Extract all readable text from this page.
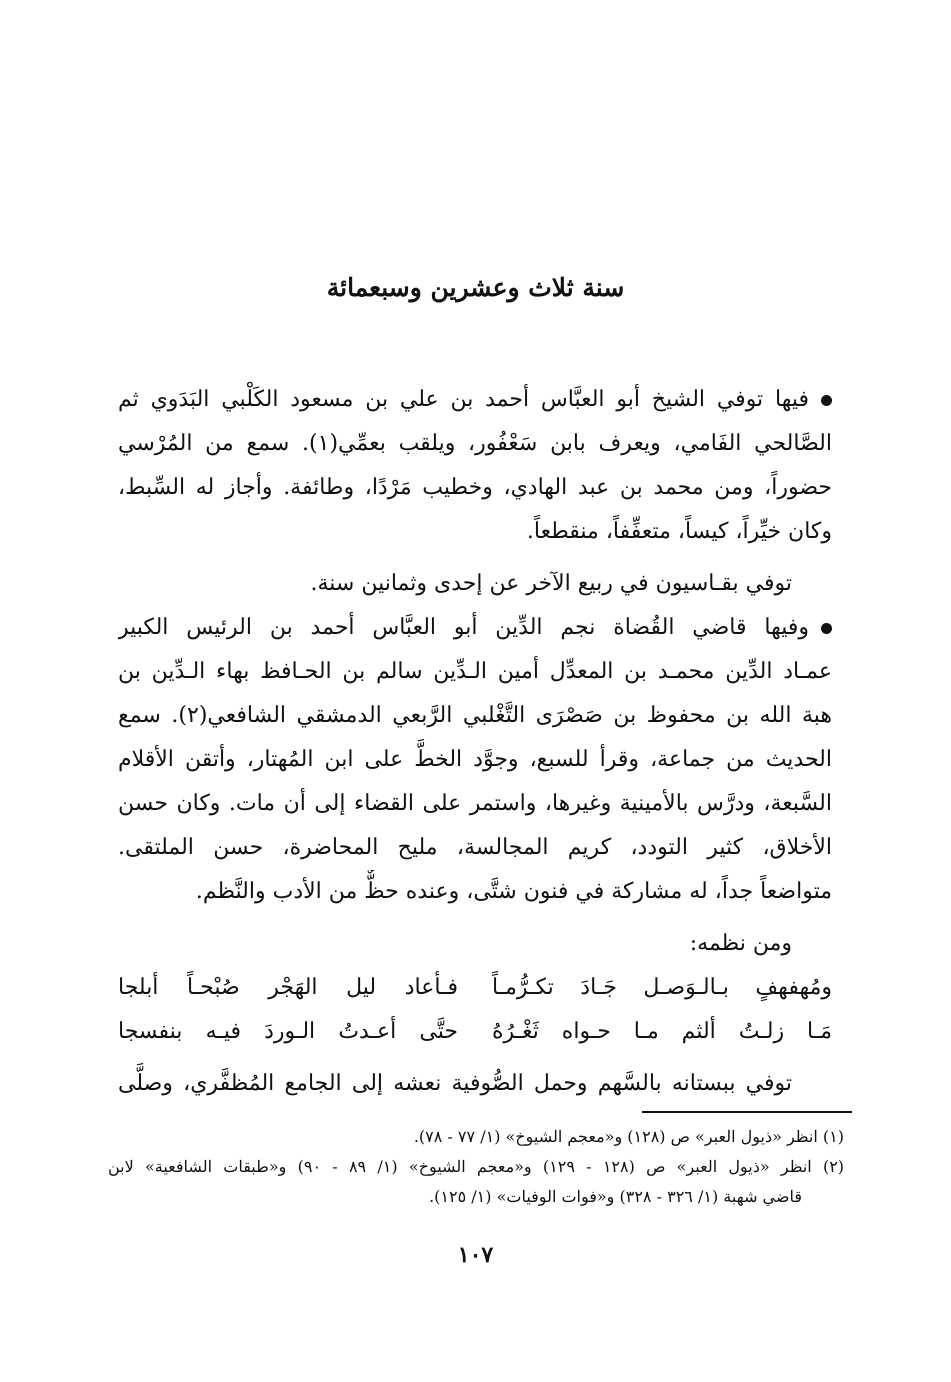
سنة ثلاث وعشرين وسبعمائة
فيها توفي الشيخ أبو العبَّاس أحمد بن علي بن مسعود الكَلْبي البَدَوي ثم
الصَّالحي الفَامي، ويعرف بابن سَعْفُور، ويلقب بعمِّي(١). سمع من المُرْسي
حضوراً، ومن محمد بن عبد الهادي، وخطيب مَرْدًا، وطائفة. وأجاز له السِّبط،
وكان خيِّراً، كيساً، متعفِّفاً، منقطعاً.
توفي بقـاسيون في ربيع الآخر عن إحدى وثمانين سنة.
وفيها قاضي القُضاة نجم الدِّين أبو العبَّاس أحمد بن الرئيس الكبير
عمـاد الدِّين محمـد بن المعدِّل أمين الـدِّين سالم بن الحـافظ بهاء الـدِّين بن
هبة الله بن محفوظ بن صَصْرَى التَّغْلبي الرَّبعي الدمشقي الشافعي(٢). سمع
الحديث من جماعة، وقرأ للسبع، وجوَّد الخطَّ على ابن المُهتار، وأتقن الأقلام
السَّبعة، ودرَّس بالأمينية وغيرها، واستمر على القضاء إلى أن مات. وكان حسن
الأخلاق، كثير التودد، كريم المجالسة، مليح المحاضرة، حسن الملتقى.
متواضعاً جداً، له مشاركة في فنون شتَّى، وعنده حظٌّ من الأدب والنَّظم.
ومن نظمه:
ومُهفهفٍ بـالـوَصـل جَـادَ تكـرُّمـاً
فـأعاد ليل الهَجْر صُبْحـاً أبلجا
مَـا زلـتُ ألثم مـا حـواه ثَغْـرُهُ
حتَّى أعـدتُ الـوردَ فيـه بنفسجا
توفي ببستانه بالسَّهم وحمل الصُّوفية نعشه إلى الجامع المُظفَّري، وصلَّى
(١) انظر «ذيول العبر» ص (١٢٨) و«معجم الشيوخ» (١/ ٧٧ - ٧٨).
(٢) انظر «ذيول العبر» ص (١٢٨ - ١٢٩) و«معجم الشيوخ» (١/ ٨٩ - ٩٠) و«طبقات الشافعية» لابن
قاضي شهبة (١/ ٣٢٦ - ٣٢٨) و«فوات الوفيات» (١/ ١٢٥).
١٠٧
